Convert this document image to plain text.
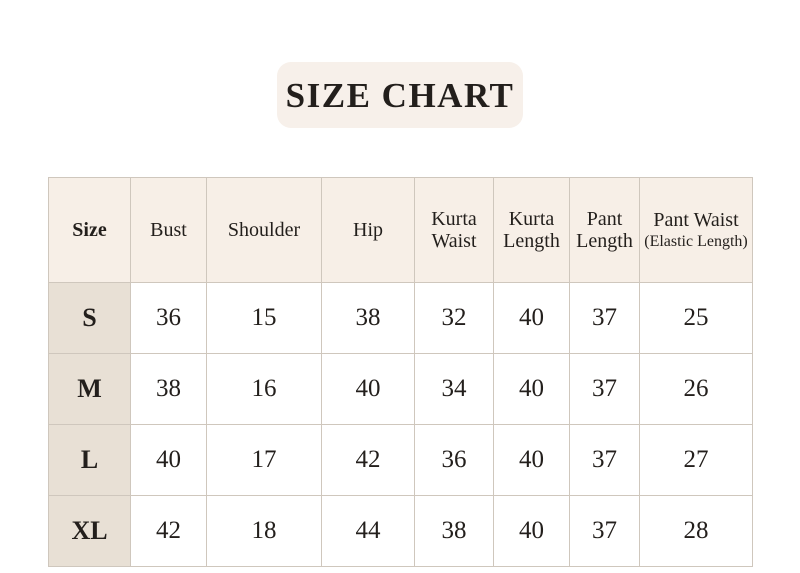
SIZE CHART
Size	Bust	Shoulder	Hip	Kurta Waist	Kurta Length	Pant Length	Pant Waist
(Elastic Length)

S	36	15	38	32	40	37	25
M	38	16	40	34	40	37	26
L	40	17	42	36	40	37	27
XL	42	18	44	38	40	37	28
